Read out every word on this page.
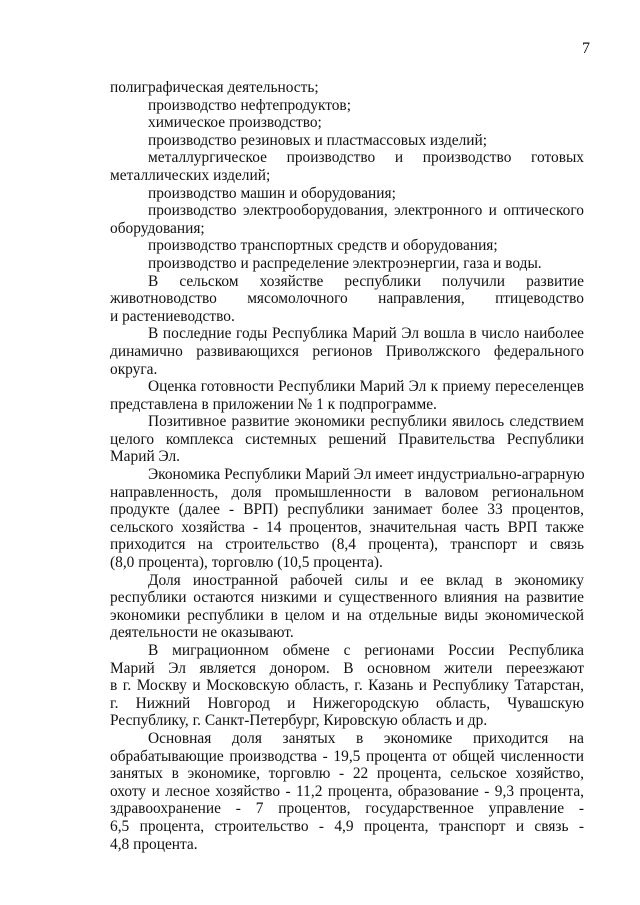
7
полиграфическая деятельность;
производство нефтепродуктов;
химическое производство;
производство резиновых и пластмассовых изделий;
металлургическое производство и производство готовых
металлических изделий;
производство машин и оборудования;
производство электрооборудования, электронного и оптического
оборудования;
производство транспортных средств и оборудования;
производство и распределение электроэнергии, газа и воды.
В сельском хозяйстве республики получили развитие
животноводство мясомолочного направления, птицеводство
и растениеводство.
В последние годы Республика Марий Эл вошла в число наиболее
динамично развивающихся регионов Приволжского федерального
округа.
Оценка готовности Республики Марий Эл к приему переселенцев
представлена в приложении № 1 к подпрограмме.
Позитивное развитие экономики республики явилось следствием
целого комплекса системных решений Правительства Республики
Марий Эл.
Экономика Республики Марий Эл имеет индустриально-аграрную
направленность, доля промышленности в валовом региональном
продукте (далее - ВРП) республики занимает более 33 процентов,
сельского хозяйства - 14 процентов, значительная часть ВРП также
приходится на строительство (8,4 процента), транспорт и связь
(8,0 процента), торговлю (10,5 процента).
Доля иностранной рабочей силы и ее вклад в экономику
республики остаются низкими и существенного влияния на развитие
экономики республики в целом и на отдельные виды экономической
деятельности не оказывают.
В миграционном обмене с регионами России Республика
Марий Эл является донором. В основном жители переезжают
в г. Москву и Московскую область, г. Казань и Республику Татарстан,
г. Нижний Новгород и Нижегородскую область, Чувашскую
Республику, г. Санкт-Петербург, Кировскую область и др.
Основная доля занятых в экономике приходится на
обрабатывающие производства - 19,5 процента от общей численности
занятых в экономике, торговлю - 22 процента, сельское хозяйство,
охоту и лесное хозяйство - 11,2 процента, образование - 9,3 процента,
здравоохранение - 7 процентов, государственное управление -
6,5 процента, строительство - 4,9 процента, транспорт и связь -
4,8 процента.
